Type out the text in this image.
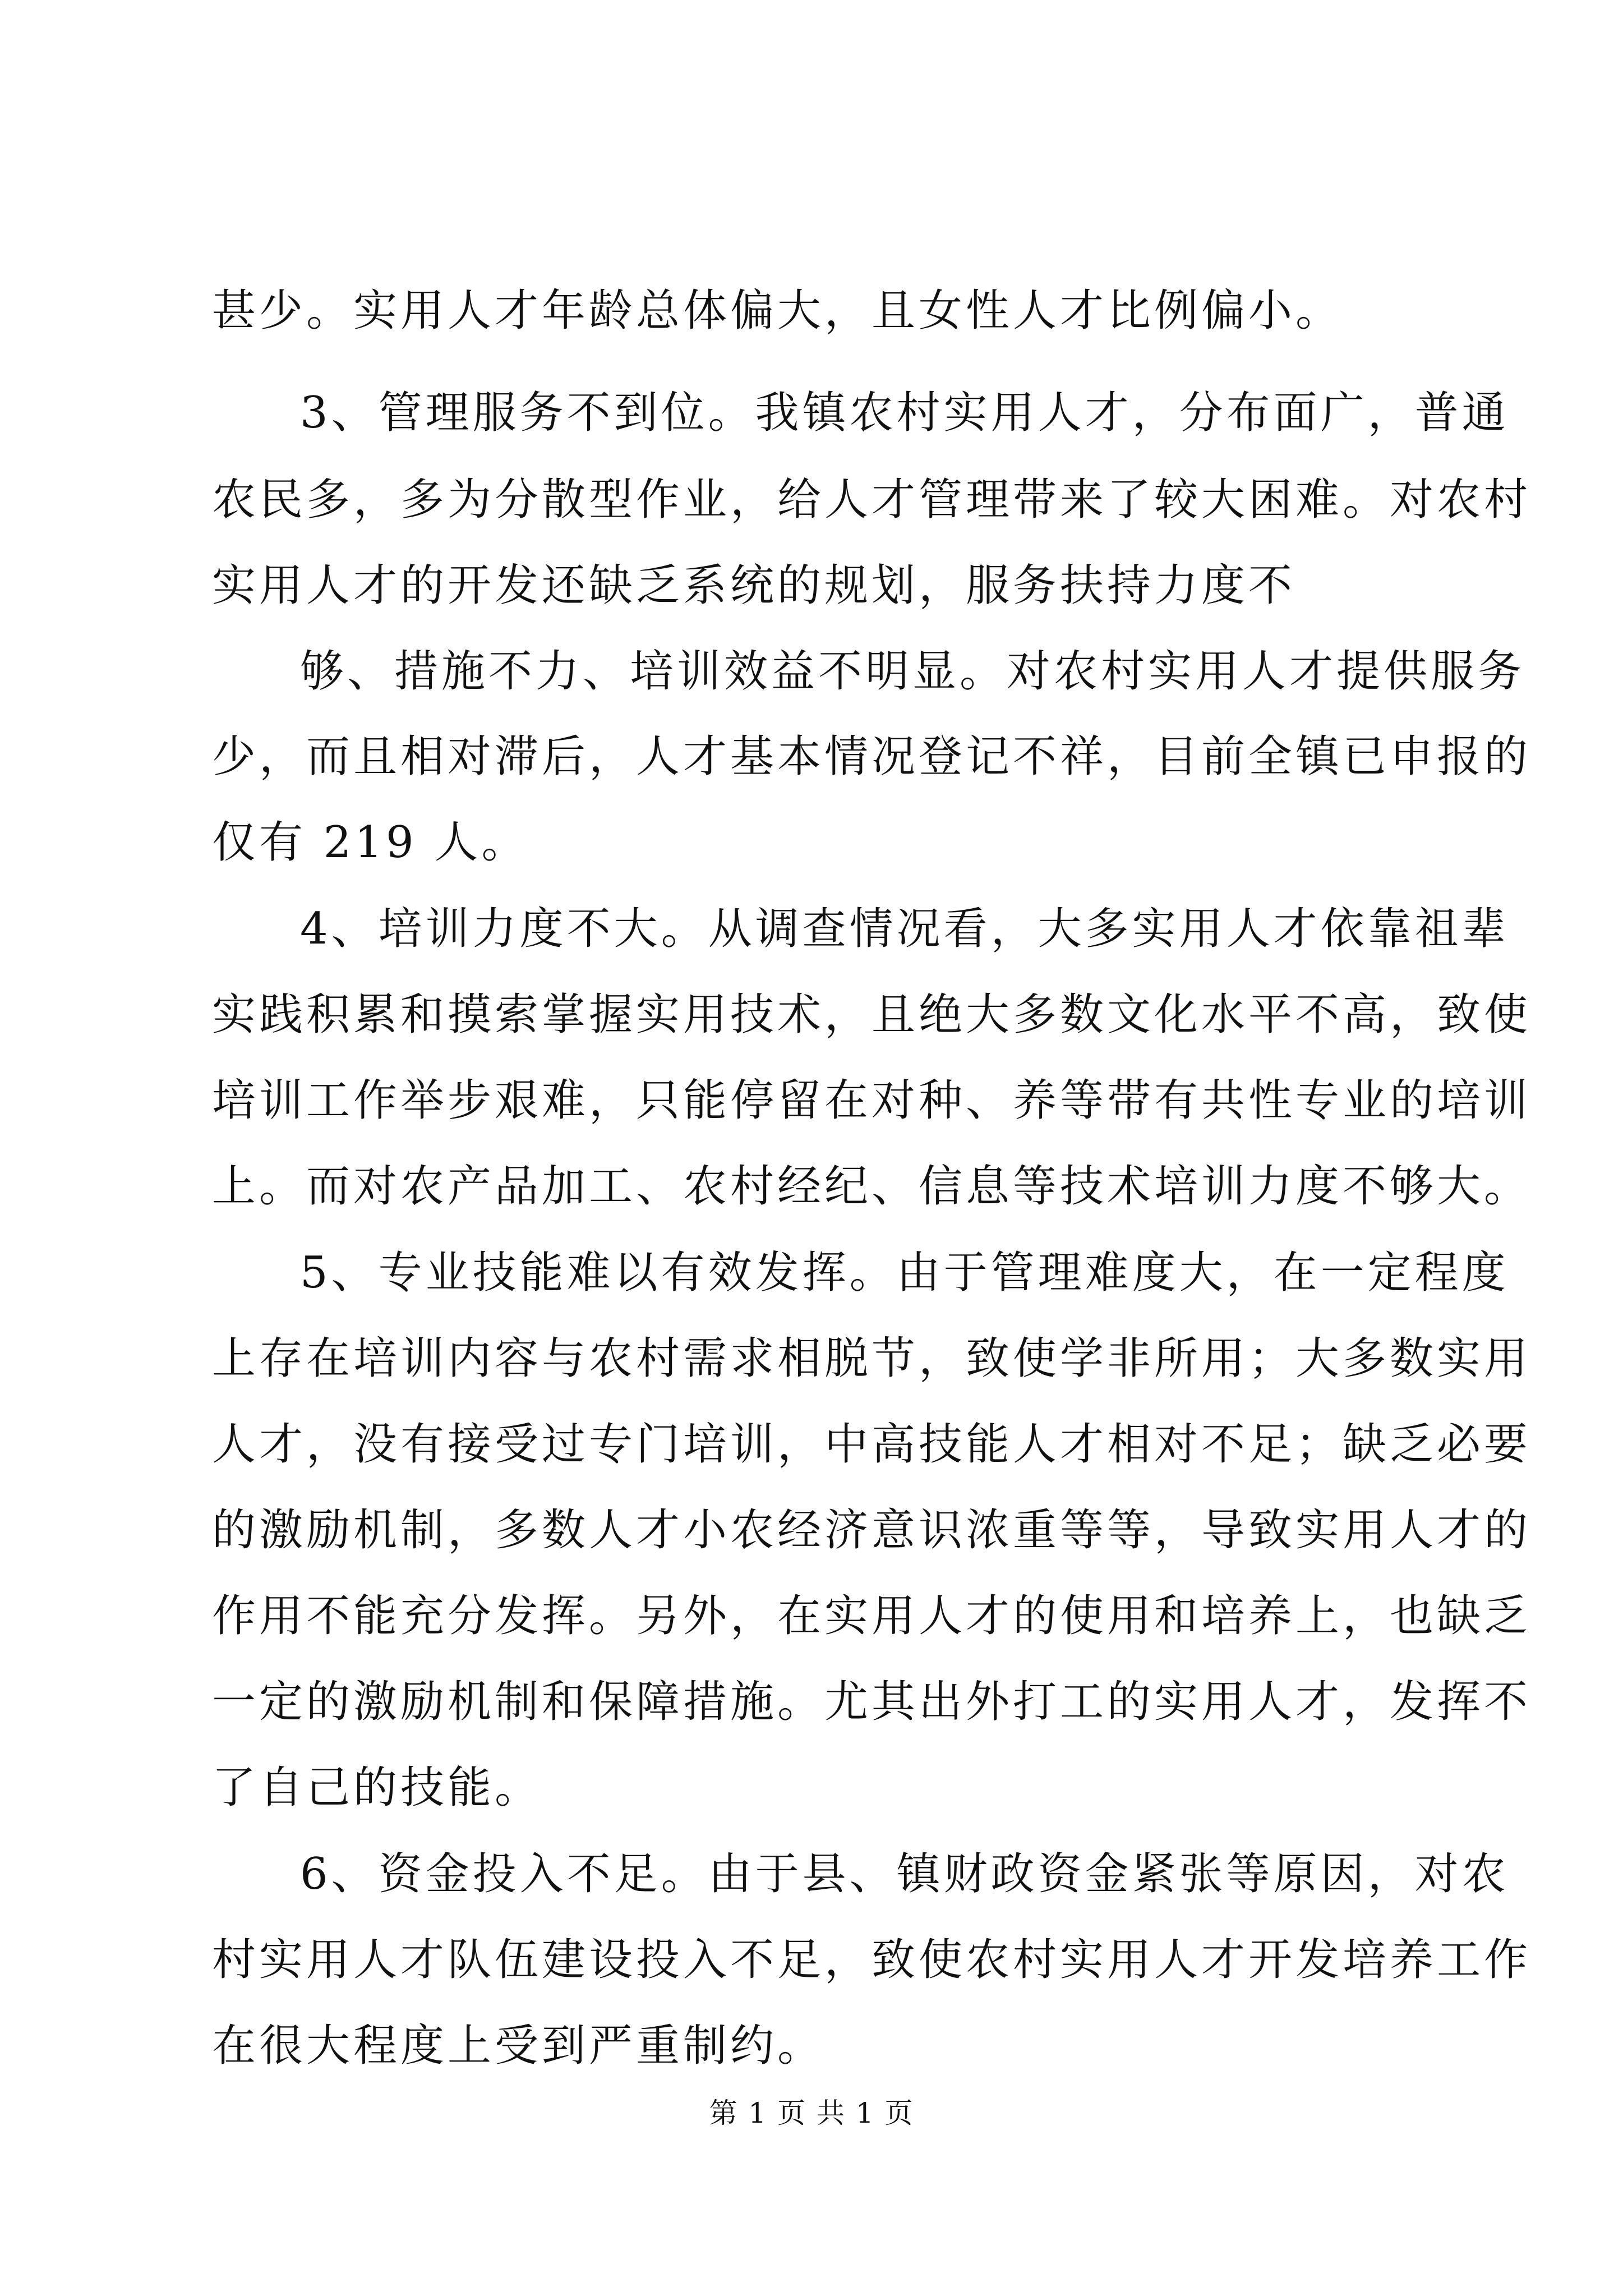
甚少。实用人才年龄总体偏大，且女性人才比例偏小。
3、管理服务不到位。我镇农村实用人才，分布面广，普通
农民多，多为分散型作业，给人才管理带来了较大困难。对农村
实用人才的开发还缺乏系统的规划，服务扶持力度不
够、措施不力、培训效益不明显。对农村实用人才提供服务
少，而且相对滞后，人才基本情况登记不祥，目前全镇已申报的
仅有 219 人。
4、培训力度不大。从调查情况看，大多实用人才依靠祖辈
实践积累和摸索掌握实用技术，且绝大多数文化水平不高，致使
培训工作举步艰难，只能停留在对种、养等带有共性专业的培训
上。而对农产品加工、农村经纪、信息等技术培训力度不够大。
5、专业技能难以有效发挥。由于管理难度大，在一定程度
上存在培训内容与农村需求相脱节，致使学非所用；大多数实用
人才，没有接受过专门培训，中高技能人才相对不足；缺乏必要
的激励机制，多数人才小农经济意识浓重等等，导致实用人才的
作用不能充分发挥。另外，在实用人才的使用和培养上，也缺乏
一定的激励机制和保障措施。尤其出外打工的实用人才，发挥不
了自己的技能。
6、资金投入不足。由于县、镇财政资金紧张等原因，对农
村实用人才队伍建设投入不足，致使农村实用人才开发培养工作
在很大程度上受到严重制约。
第 1 页 共 1 页
